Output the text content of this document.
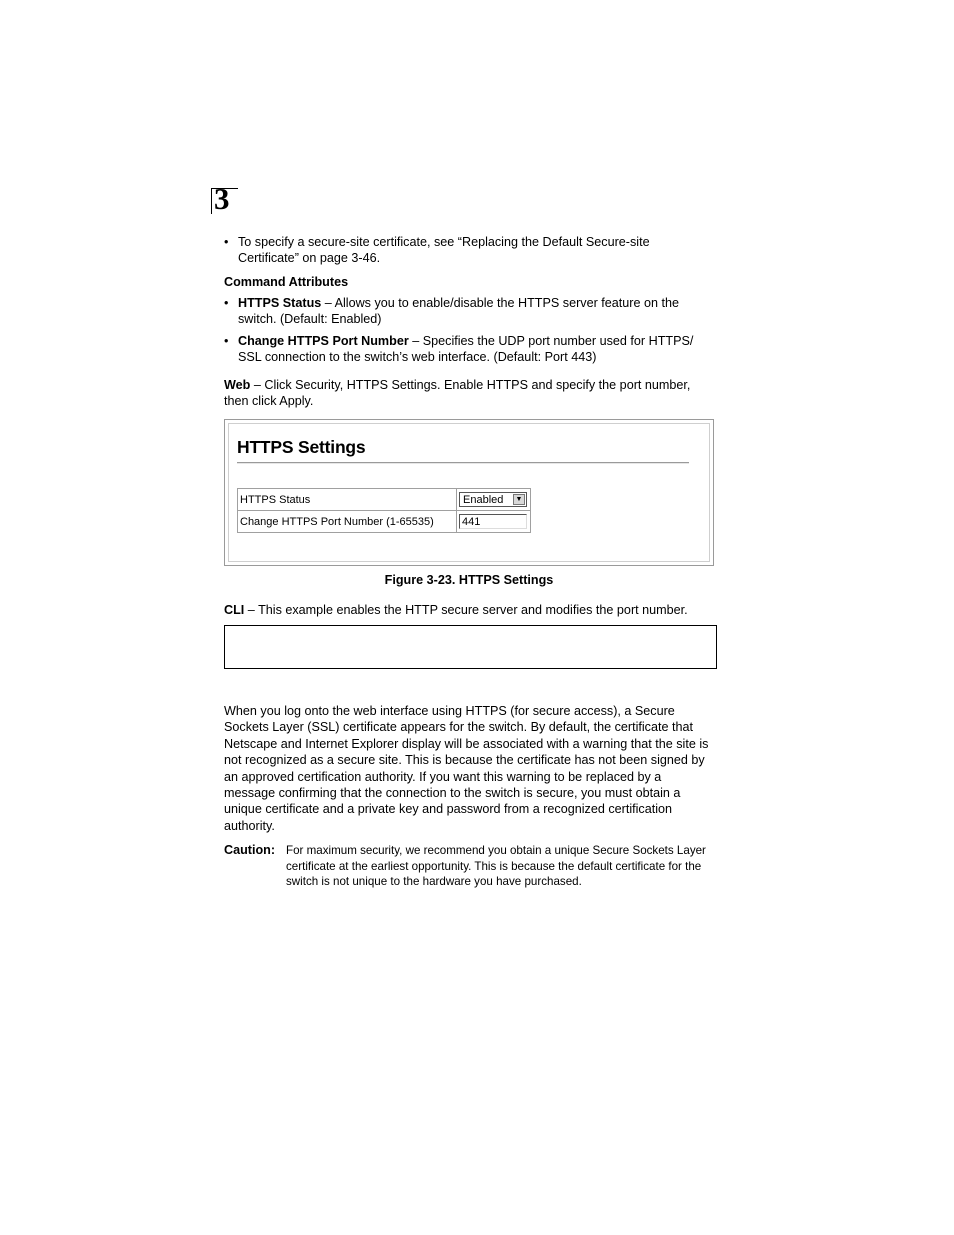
3
• To specify a secure-site certificate, see “Replacing the Default Secure-site Certificate” on page 3-46.
Command Attributes
• HTTPS Status – Allows you to enable/disable the HTTPS server feature on the switch. (Default: Enabled)
• Change HTTPS Port Number – Specifies the UDP port number used for HTTPS/ SSL connection to the switch’s web interface. (Default: Port 443)
Web – Click Security, HTTPS Settings. Enable HTTPS and specify the port number, then click Apply.
HTTPS Settings
HTTPS Status	Enabled ▼

Change HTTPS Port Number (1-65535)	441
Figure 3-23. HTTPS Settings
CLI – This example enables the HTTP secure server and modifies the port number.
When you log onto the web interface using HTTPS (for secure access), a Secure Sockets Layer (SSL) certificate appears for the switch. By default, the certificate that Netscape and Internet Explorer display will be associated with a warning that the site is not recognized as a secure site. This is because the certificate has not been signed by an approved certification authority. If you want this warning to be replaced by a message confirming that the connection to the switch is secure, you must obtain a unique certificate and a private key and password from a recognized certification authority.
Caution: For maximum security, we recommend you obtain a unique Secure Sockets Layer certificate at the earliest opportunity. This is because the default certificate for the switch is not unique to the hardware you have purchased.
